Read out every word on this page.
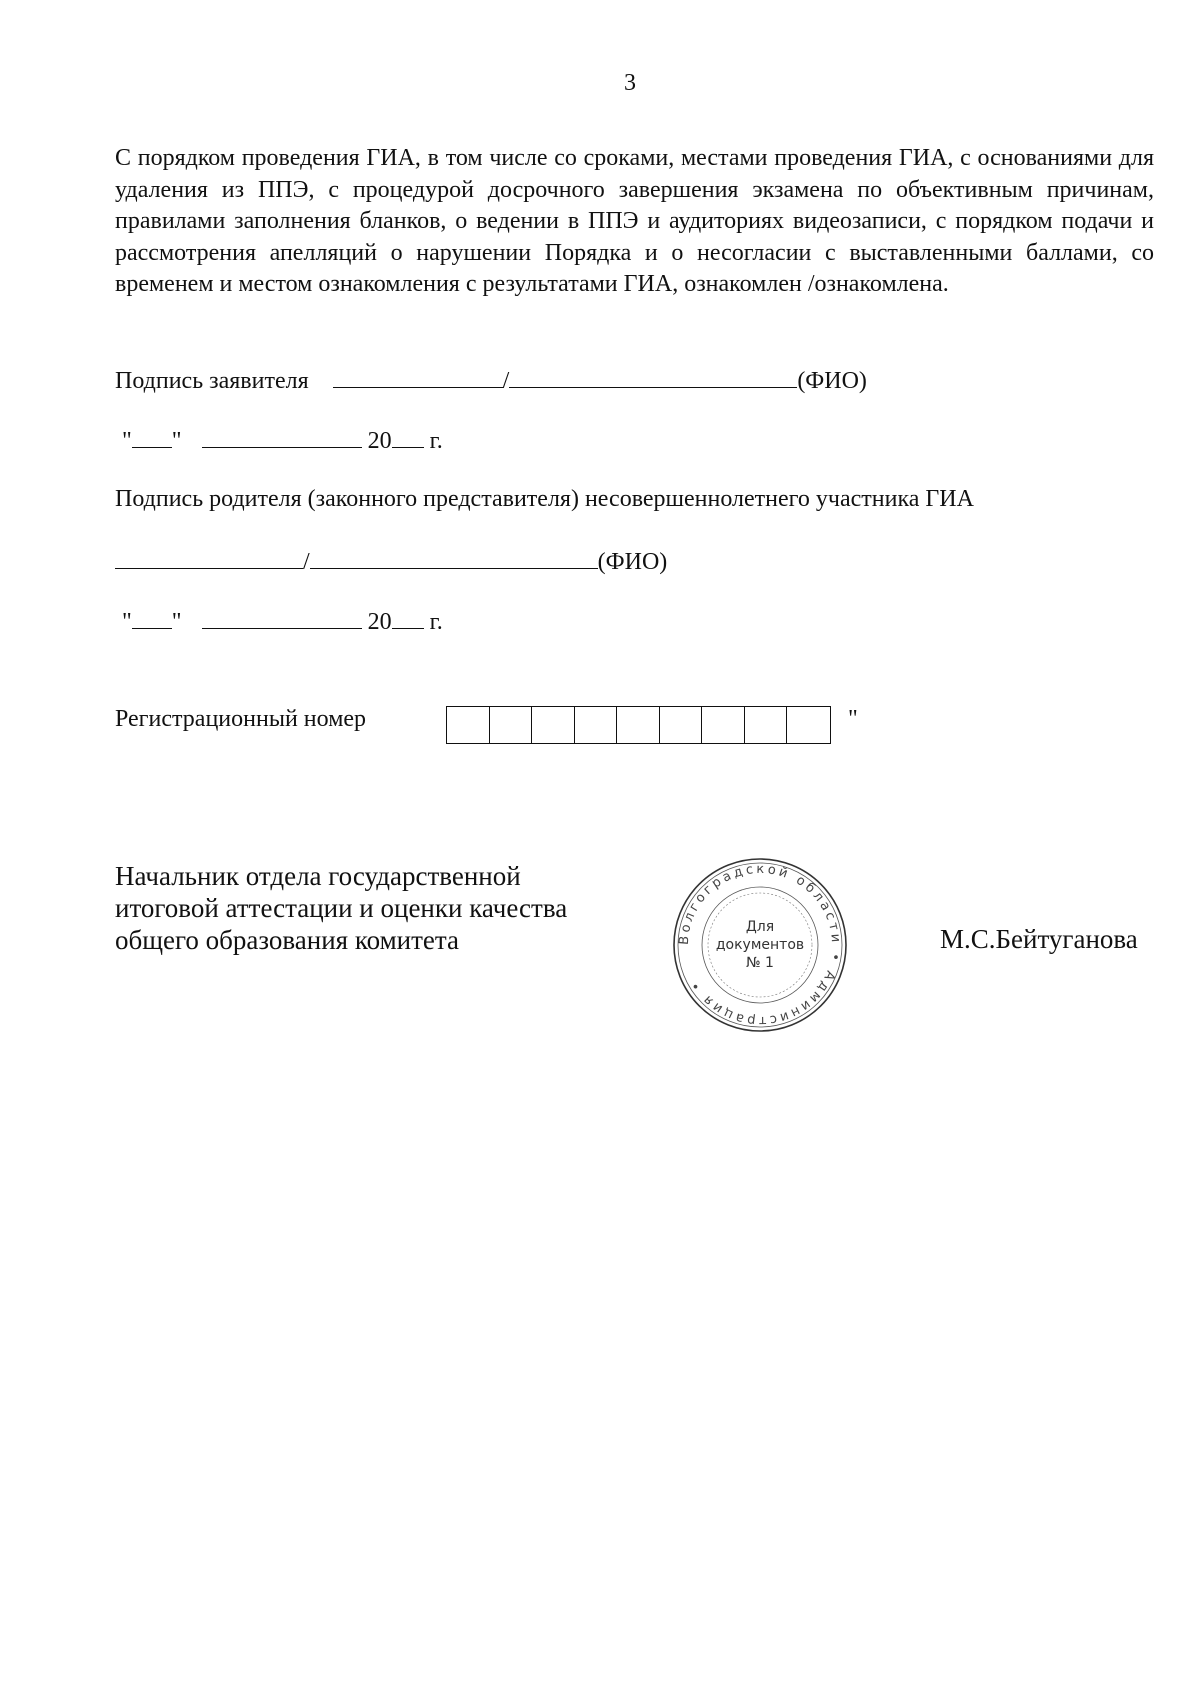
3

С порядком проведения ГИА, в том числе со сроками, местами проведения ГИА, с основаниями для удаления из ППЭ, с процедурой досрочного завершения экзамена по объективным причинам, правилами заполнения бланков, о ведении в ППЭ и аудиториях видеозаписи, с порядком подачи и рассмотрения апелляций о нарушении Порядка и о несогласии с выставленными баллами, со временем и местом ознакомления с результатами ГИА, ознакомлен /ознакомлена.

Подпись заявителя	/	(ФИО)
" "	20 г.
Подпись родителя (законного представителя) несовершеннолетнего участника ГИА
/	(ФИО)
" "	20 г.
Регистрационный номер	"
Начальник отдела государственной
итоговой аттестации и оценки качества
общего образования комитета	Волгоградской области • Администрация •
Для
документов
№ 1
М.С.Бейтуганова
